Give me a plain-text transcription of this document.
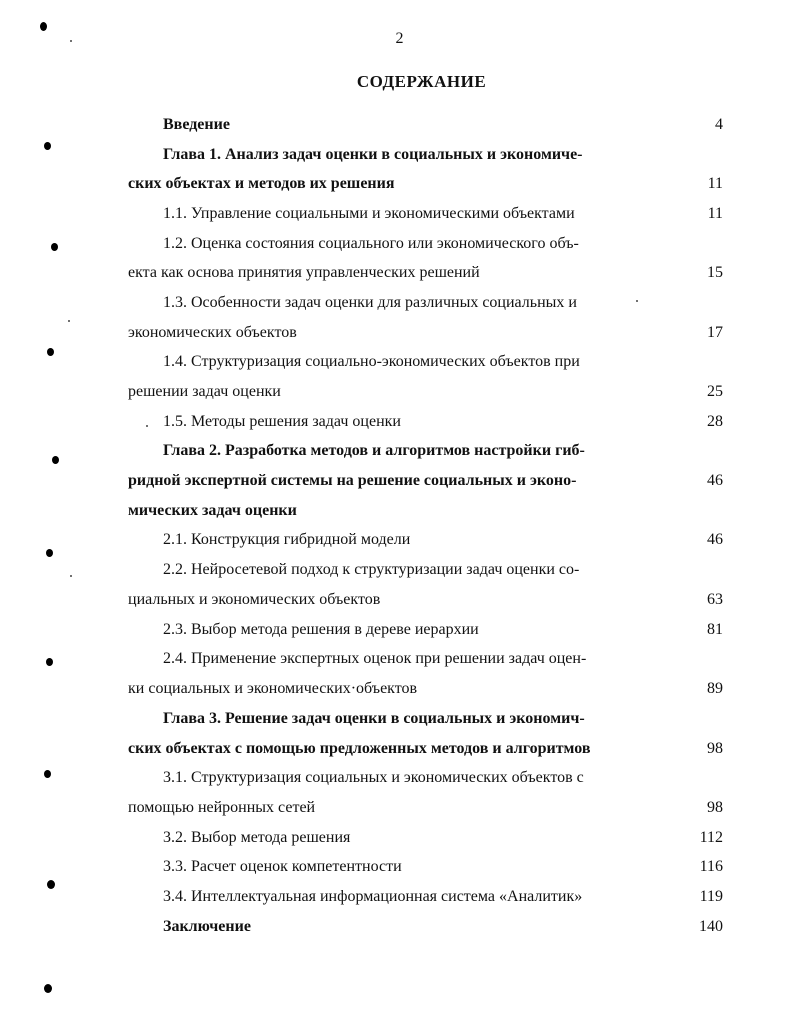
2
СОДЕРЖАНИЕ
Введение	4
Глава 1. Анализ задач оценки в социальных и экономиче-
ских объектах и методов их решения	11
1.1. Управление социальными и экономическими объектами	11
1.2. Оценка состояния социального или экономического объ-
екта как основа принятия управленческих решений	15
1.3. Особенности задач оценки для различных социальных и
экономических объектов	17
1.4. Структуризация социально-экономических объектов при
решении задач оценки	25
1.5. Методы решения задач оценки	28
Глава 2. Разработка методов и алгоритмов настройки гиб-
ридной экспертной системы на решение социальных и эконо-	46
мических задач оценки
2.1. Конструкция гибридной модели	46
2.2. Нейросетевой подход к структуризации задач оценки со-
циальных и экономических объектов	63
2.3. Выбор метода решения в дереве иерархии	81
2.4. Применение экспертных оценок при решении задач оцен-
ки социальных и экономических·объектов	89
Глава 3. Решение задач оценки в социальных и экономич-
ских объектах с помощью предложенных методов и алгоритмов	98
3.1. Структуризация социальных и экономических объектов с
помощью нейронных сетей	98
3.2. Выбор метода решения	112
3.3. Расчет оценок компетентности	116
3.4. Интеллектуальная информационная система «Аналитик»	119
Заключение	140
